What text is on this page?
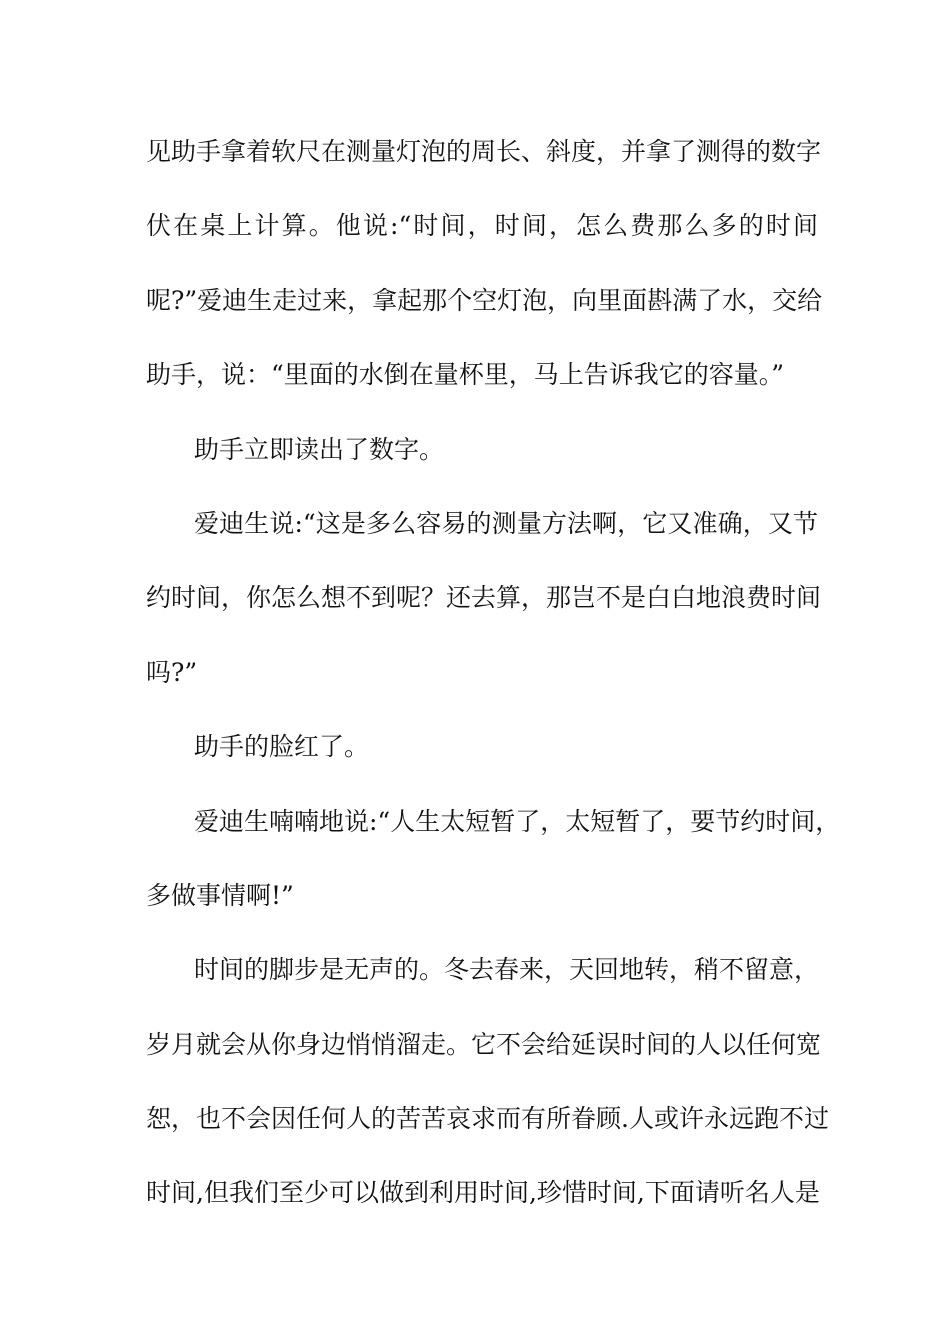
见助手拿着软尺在测量灯泡的周长、斜度，并拿了测得的数字
伏在桌上计算。他说:“时间，时间，怎么费那么多的时间
呢?”爱迪生走过来，拿起那个空灯泡，向里面斟满了水，交给
助手，说：“里面的水倒在量杯里，马上告诉我它的容量。”
助手立即读出了数字。
爱迪生说:“这是多么容易的测量方法啊，它又准确，又节
约时间，你怎么想不到呢？还去算，那岂不是白白地浪费时间
吗?”
助手的脸红了。
爱迪生喃喃地说:“人生太短暂了，太短暂了，要节约时间，
多做事情啊!”
时间的脚步是无声的。冬去春来，天回地转，稍不留意，
岁月就会从你身边悄悄溜走。它不会给延误时间的人以任何宽
恕，也不会因任何人的苦苦哀求而有所眷顾.人或许永远跑不过
时间,但我们至少可以做到利用时间,珍惜时间,下面请听名人是
